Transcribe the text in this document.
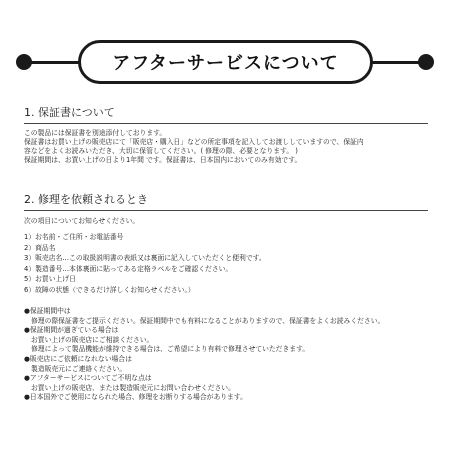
アフターサービスについて
1. 保証書について
この製品には保証書を別途添付しております。
保証書はお買い上げの販売店にて「販売店・購入日」などの所定事項を記入してお渡ししていますので、保証内
容などをよくお読みいただき、大切に保管してください。( 修理の際、必要となります。 )
保証期間は、お買い上げの日より1年間 です。保証書は、日本国内においてのみ有効です。
2. 修理を依頼されるとき
次の項目についてお知らせください。
1）お名前・ご住所・お電話番号
2）商品名
3）販売店名…この取扱説明書の表紙又は裏面に記入していただくと便利です。
4）製造番号…本体裏面に貼ってある定格ラベルをご確認ください。
5）お買い上げ日
6）故障の状態（できるだけ詳しくお知らせください。）
●保証期間中は
修理の際保証書をご提示ください。保証期間中でも有料になることがありますので、保証書をよくお読みください。
●保証期間が過ぎている場合は
お買い上げの販売店にご相談ください。
修理によって製品機能が維持できる場合は、ご希望により有料で修理させていただきます。
●販売店にご依頼になれない場合は
製造販売元にご連絡ください。
●アフターサービスについてご不明な点は
お買い上げの販売店、または製造販売元にお問い合わせください。
●日本国外でご使用になられた場合、修理をお断りする場合があります。
